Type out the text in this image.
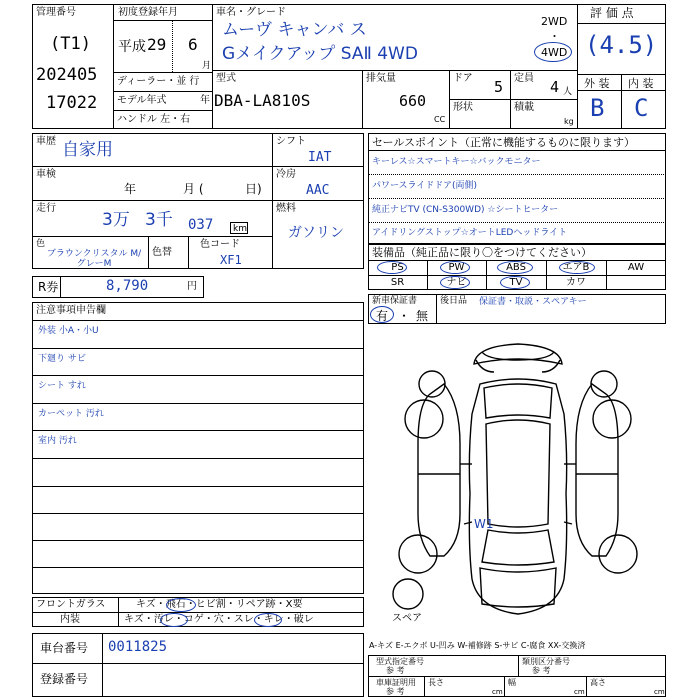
管理番号
(T1)
202405
17022
初度登録年月
平成 29 6
月
ディーラー・並 行
モデル年式	年
ハンドル 左・右
車名・グレード
ムーヴ キャンバ ス
Gメイクアップ SAⅡ 4WD
2WD
・
4WD
型式
DBA-LA810S
排気量
660
CC
ドア 5
形状
定員 4 人
積載
kg
評 価 点
(4.5)
外 装 内 装
B C
車歴 自家用
車検
年	月 (	日)
走行
3万 3千 037 km
色
ブラウンクリスタル M/グレーM
色替
色コード
XF1
シフト
IAT
冷房
AAC
燃料
ガソリン
R券	8,790	円
セールスポイント（正常に機能するものに限ります）
キーレス☆スマートキー☆バックモニター
パワースライドドア(両側)
純正ナビTV (CN-S300WD) ☆シートヒーター
アイドリングストップ☆オートLEDヘッドライト
装備品（純正品に限り〇をつけてください）
PS	PW	ABS	エアB	AW
SR	ナビ	TV	カワ
新車保証書
有 ・ 無
後日品 保証書・取説・スペアキー
注意事項申告欄
外装 小A・小U
下廻り サビ
シート すれ
カーペット 汚れ
室内 汚れ
W1
スペア
フロントガラス	キズ・飛石・ヒビ割・リペア跡・X要
内装	キズ・汚レ・コゲ・穴・スレ・キレ・破レ
車台番号 0011825
登録番号
A-キズ E-エクボ U-凹み W-補修跡 S-サビ C-腐食 XX-交換済
型式指定番号
参 考
類別区分番号
参 考
車庫証明用
参 考
長さ
cm
幅
cm
高さ
cm
